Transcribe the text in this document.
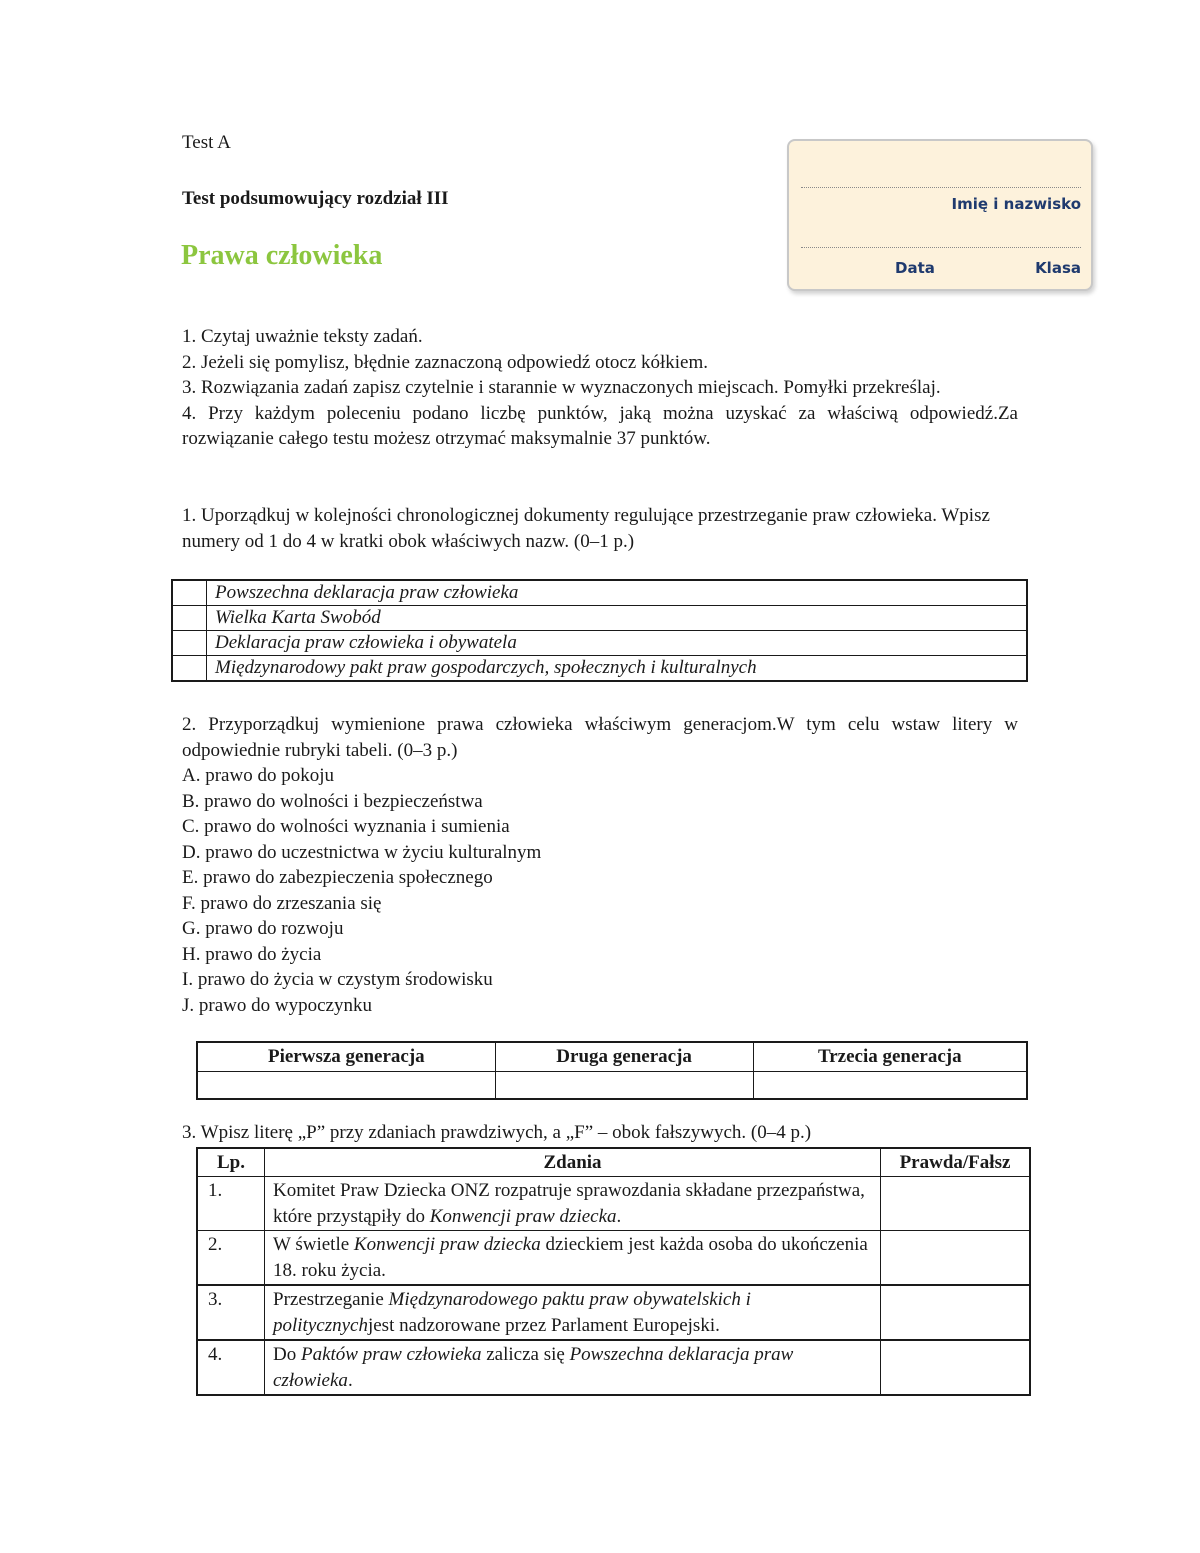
Test A
Test podsumowujący rozdział III
Prawa człowieka
Imię i nazwisko
Data	Klasa

1. Czytaj uważnie teksty zadań.

2. Jeżeli się pomylisz, błędnie zaznaczoną odpowiedź otocz kółkiem.

3. Rozwiązania zadań zapisz czytelnie i starannie w wyznaczonych miejscach. Pomyłki przekreślaj.

4. Przy każdym poleceniu podano liczbę punktów, jaką można uzyskać za właściwą odpowiedź.Za rozwiązanie całego testu możesz otrzymać maksymalnie 37 punktów.

1. Uporządkuj w kolejności chronologicznej dokumenty regulujące przestrzeganie praw człowieka. Wpisz numery od 1 do 4 w kratki obok właściwych nazw. (0–1 p.)

	Powszechna deklaracja praw człowieka
	Wielka Karta Swobód
	Deklaracja praw człowieka i obywatela
	Międzynarodowy pakt praw gospodarczych, społecznych i kulturalnych

2. Przyporządkuj wymienione prawa człowieka właściwym generacjom.W tym celu wstaw litery w odpowiednie rubryki tabeli. (0–3 p.)

A. prawo do pokoju

B. prawo do wolności i bezpieczeństwa

C. prawo do wolności wyznania i sumienia

D. prawo do uczestnictwa w życiu kulturalnym

E. prawo do zabezpieczenia społecznego

F. prawo do zrzeszania się

G. prawo do rozwoju

H. prawo do życia

I. prawo do życia w czystym środowisku

J. prawo do wypoczynku

Pierwsza generacja	Druga generacja	Trzecia generacja

3. Wpisz literę „P” przy zdaniach prawdziwych, a „F” – obok fałszywych. (0–4 p.)
Lp.	Zdania	Prawda/Fałsz
1.	Komitet Praw Dziecka ONZ rozpatruje sprawozdania składane przezpaństwa, które przystąpiły do Konwencji praw dziecka.	
2.	W świetle Konwencji praw dziecka dzieckiem jest każda osoba do ukończenia 18. roku życia.	
3.	Przestrzeganie Międzynarodowego paktu praw obywatelskich i politycznychjest nadzorowane przez Parlament Europejski.	
4.	Do Paktów praw człowieka zalicza się Powszechna deklaracja praw człowieka.	
